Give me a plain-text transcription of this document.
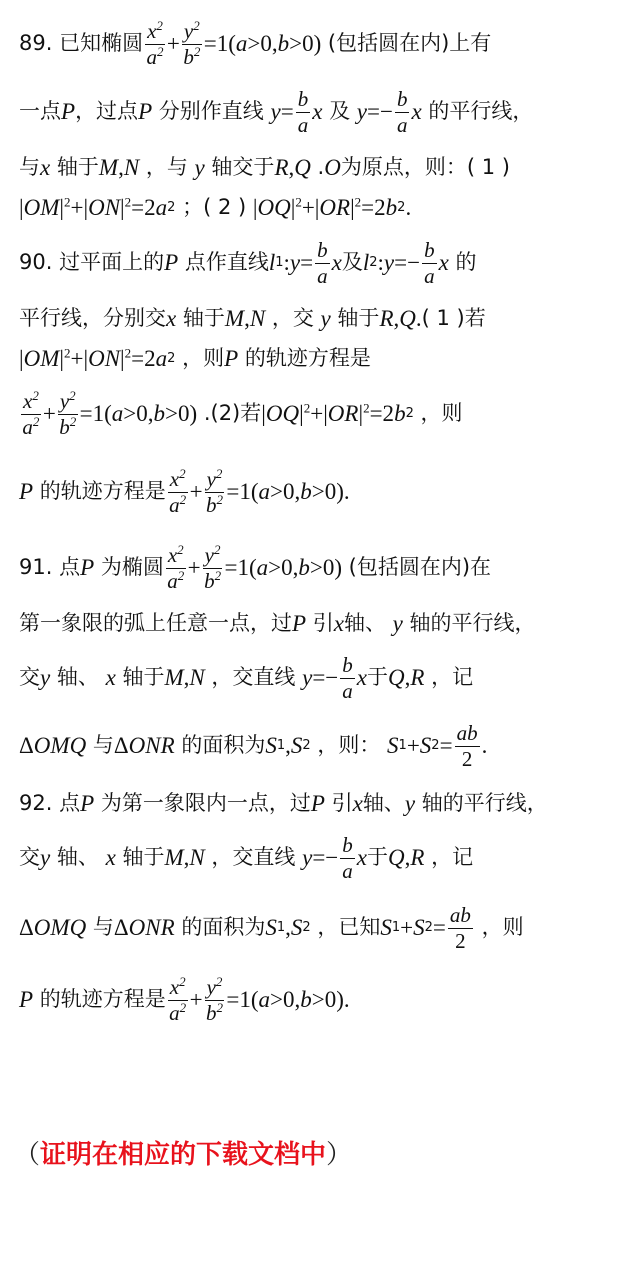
89. 已知椭圆 $\frac{x^2}{a^2} + \frac{y^2}{b^2} =1$( a >0, b >0) (包括圆在内)上有
一点 P ，过点 P 分别作直线 $y = \frac{b}{a}$ x 及 $y =- \frac{b}{a}$ x 的平行线，
与 x 轴于 M , N ，与 y 轴交于 R , Q . O 为原点，则：( 1 )
| OM $|^2+|$ ON $|^2=2$ a 2 ；( 2 ) | OQ $|^2+|$ OR $|^2=2$ b 2 .
90. 过平面上的 P 点作直线 l 1 : $y = \frac{b}{a}$ x 及 l 2 : $y =- \frac{b}{a}$ x 的
平行线，分别交 x 轴于 M , N ，交 y 轴于 R , Q . ( 1 )若
| OM $|^2+|$ ON $|^2=2$ a 2 ，则 P 的轨迹方程是
$\frac{x^2}{a^2} + \frac{y^2}{b^2} =1$( a >0, b >0) .(2)若 | OQ $|^2+|$ OR $|^2=2$ b 2 ，则
P 的轨迹方程是 $\frac{x^2}{a^2} + \frac{y^2}{b^2} =1$( a >0, b >0) .
91. 点 P 为椭圆 $\frac{x^2}{a^2} + \frac{y^2}{b^2} =1$( a >0, b >0) (包括圆在内)在
第一象限的弧上任意一点，过 P 引 x 轴、 y 轴的平行线，
交 y 轴、 x 轴于 M , N ，交直线 $y =- \frac{b}{a}$ x 于 Q , R ，记
Δ OMQ 与 Δ ONR 的面积为 S 1 , S 2 ，则： S 1 + S $2 = \frac{ab}{2}$ .
92. 点 P 为第一象限内一点，过 P 引 x 轴、 y 轴的平行线，
交 y 轴、 x 轴于 M , N ，交直线 $y =- \frac{b}{a}$ x 于 Q , R ，记
Δ OMQ 与 Δ ONR 的面积为 S 1 , S 2 ，已知 S 1 + S $2 = \frac{ab}{2}$ ，则
P 的轨迹方程是 $\frac{x^2}{a^2} + \frac{y^2}{b^2} =1$( a >0, b >0) .
（证明在相应的下载文档中）
